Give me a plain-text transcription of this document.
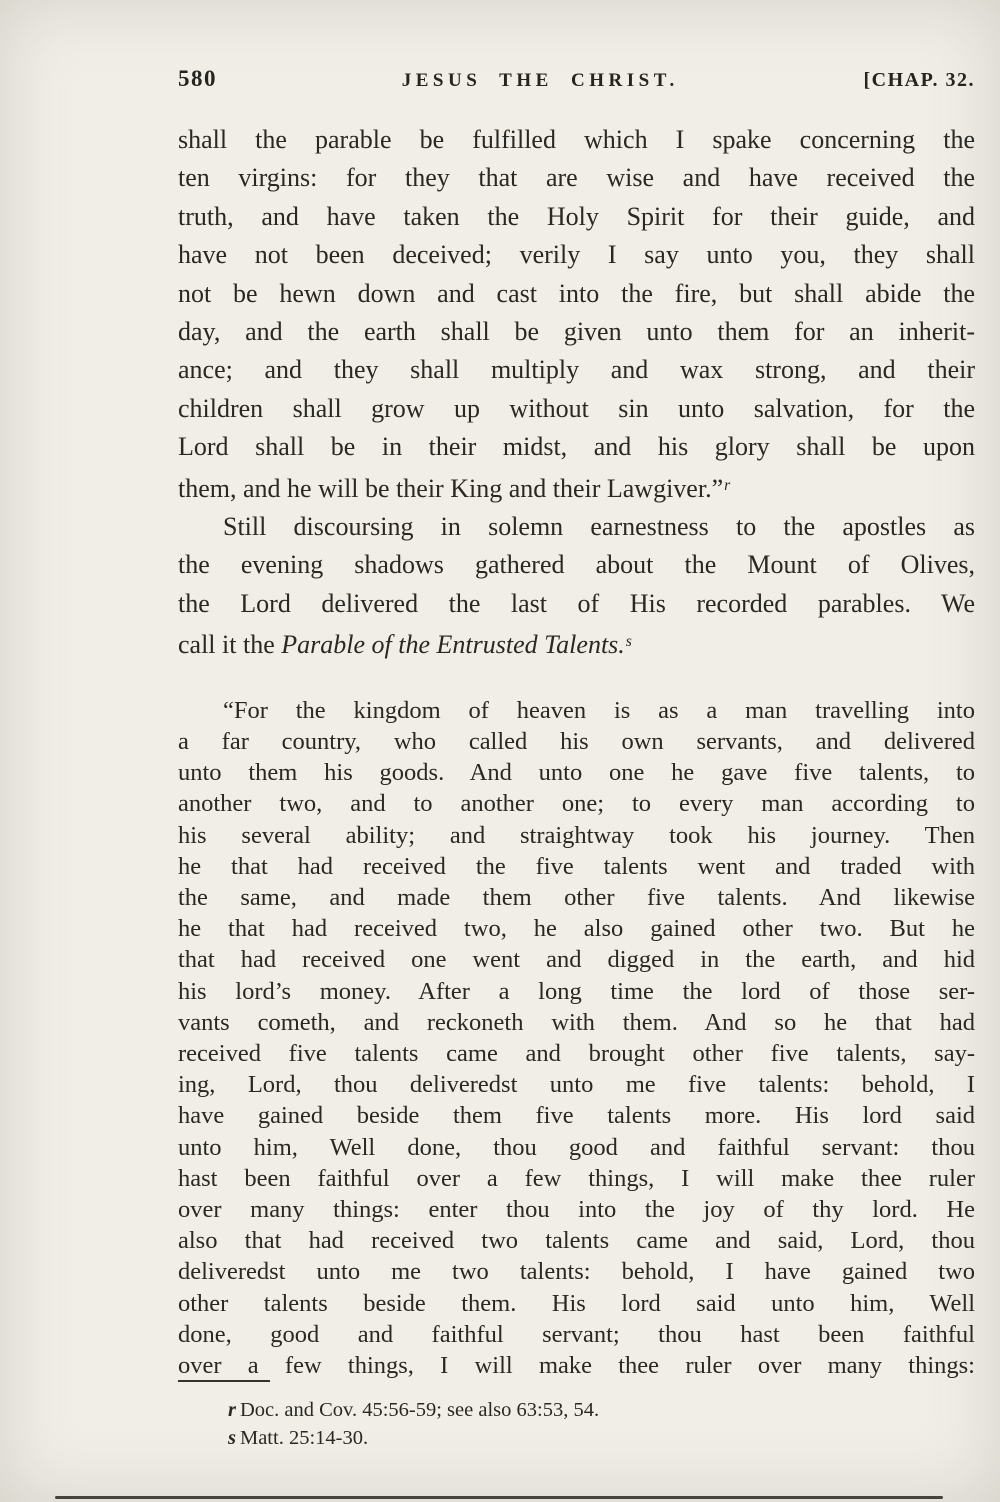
580	JESUS THE CHRIST.	[CHAP. 32.
shall the parable be fulfilled which I spake concerning the
ten virgins: for they that are wise and have received the
truth, and have taken the Holy Spirit for their guide, and
have not been deceived; verily I say unto you, they shall
not be hewn down and cast into the fire, but shall abide the
day, and the earth shall be given unto them for an inherit-
ance; and they shall multiply and wax strong, and their
children shall grow up without sin unto salvation, for the
Lord shall be in their midst, and his glory shall be upon
them, and he will be their King and their Lawgiver.”$^r$
Still discoursing in solemn earnestness to the apostles as
the evening shadows gathered about the Mount of Olives,
the Lord delivered the last of His recorded parables. We
call it the Parable of the Entrusted Talents.$^s$
“For the kingdom of heaven is as a man travelling into
a far country, who called his own servants, and delivered
unto them his goods. And unto one he gave five talents, to
another two, and to another one; to every man according to
his several ability; and straightway took his journey. Then
he that had received the five talents went and traded with
the same, and made them other five talents. And likewise
he that had received two, he also gained other two. But he
that had received one went and digged in the earth, and hid
his lord’s money. After a long time the lord of those ser-
vants cometh, and reckoneth with them. And so he that had
received five talents came and brought other five talents, say-
ing, Lord, thou deliveredst unto me five talents: behold, I
have gained beside them five talents more. His lord said
unto him, Well done, thou good and faithful servant: thou
hast been faithful over a few things, I will make thee ruler
over many things: enter thou into the joy of thy lord. He
also that had received two talents came and said, Lord, thou
deliveredst unto me two talents: behold, I have gained two
other talents beside them. His lord said unto him, Well
done, good and faithful servant; thou hast been faithful
over a few things, I will make thee ruler over many things:
r Doc. and Cov. 45:56-59; see also 63:53, 54.
s Matt. 25:14-30.
